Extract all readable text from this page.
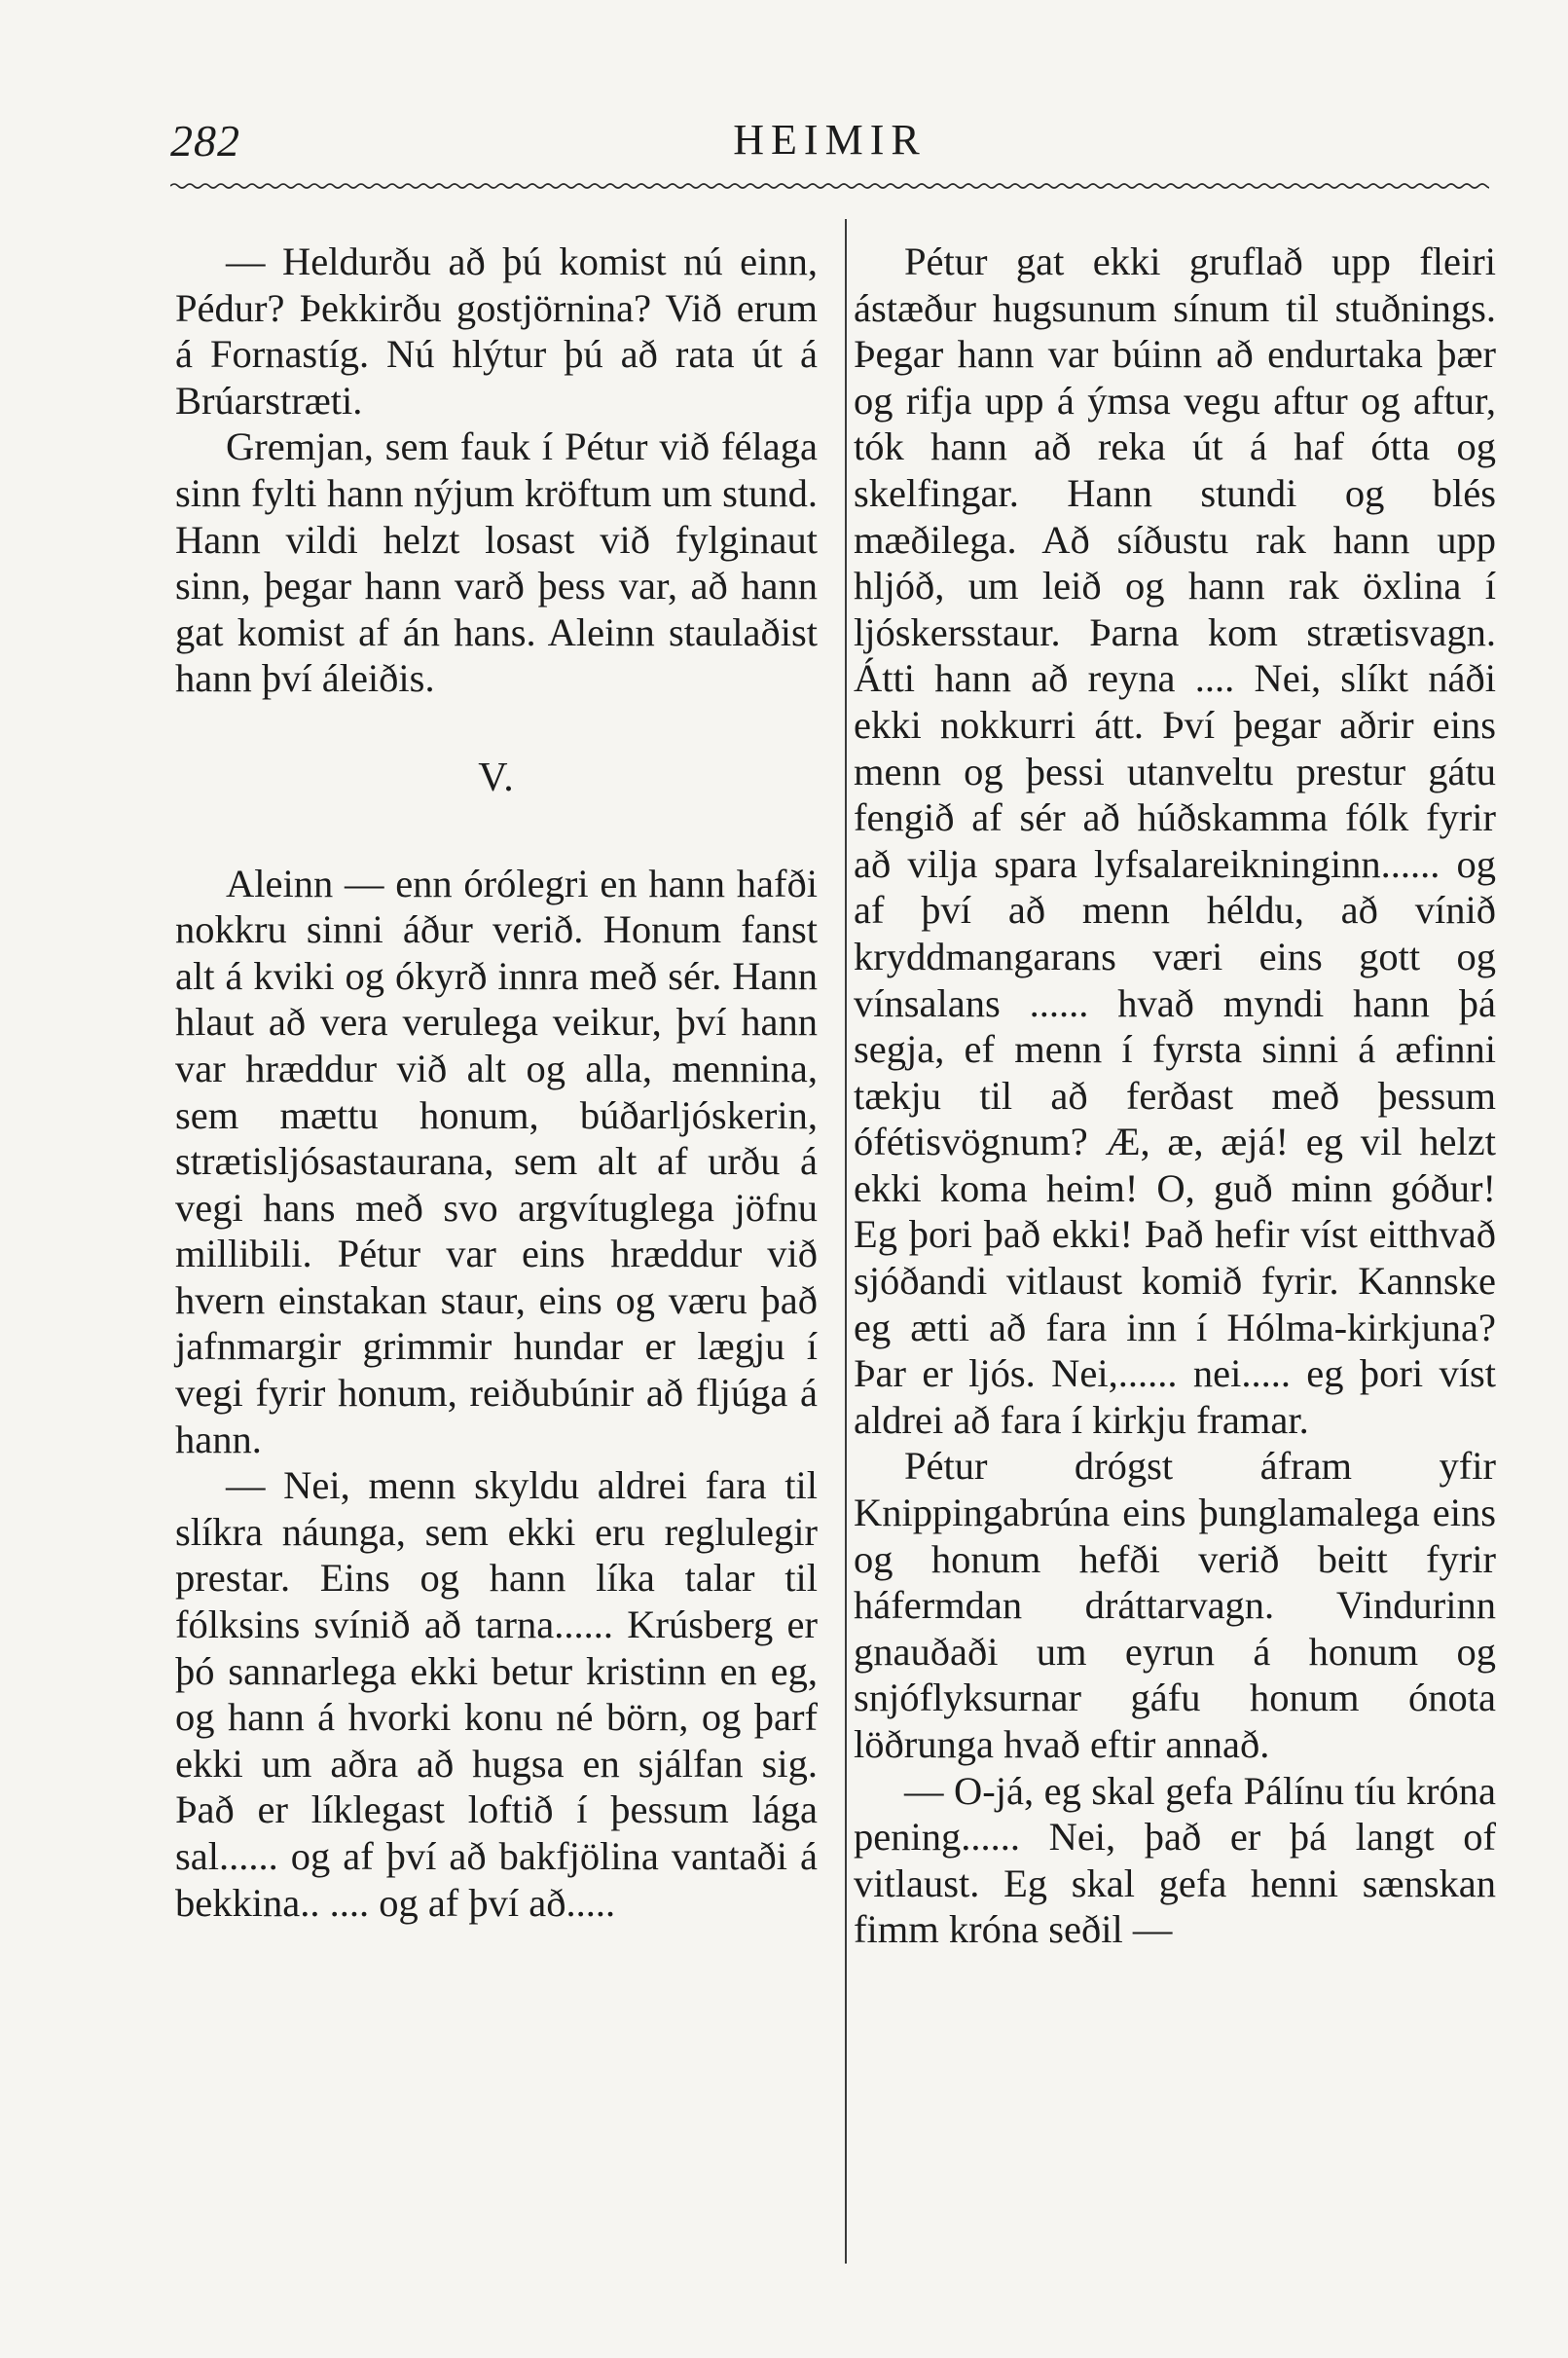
282	HEIMIR

— Heldurðu að þú komist nú einn, Pédur? Þekkirðu gostjörnina? Við erum á Fornastíg. Nú hlýtur þú að rata út á Brúarstræti.

Gremjan, sem fauk í Pétur við félaga sinn fylti hann nýjum kröftum um stund. Hann vildi helzt losast við fylginaut sinn, þegar hann varð þess var, að hann gat komist af án hans. Aleinn staulaðist hann því áleiðis.

V.

Aleinn — enn órólegri en hann hafði nokkru sinni áður verið. Honum fanst alt á kviki og ókyrð innra með sér. Hann hlaut að vera verulega veikur, því hann var hræddur við alt og alla, mennina, sem mættu honum, búðarljóskerin, strætisljósastaurana, sem alt af urðu á vegi hans með svo argvítuglega jöfnu millibili. Pétur var eins hræddur við hvern einstakan staur, eins og væru það jafnmargir grimmir hundar er lægju í vegi fyrir honum, reiðubúnir að fljúga á hann.

— Nei, menn skyldu aldrei fara til slíkra náunga, sem ekki eru reglulegir prestar. Eins og hann líka talar til fólksins svínið að tarna...... Krúsberg er þó sannarlega ekki betur kristinn en eg, og hann á hvorki konu né börn, og þarf ekki um aðra að hugsa en sjálfan sig. Það er líklegast loftið í þessum lága sal...... og af því að bakfjölina vantaði á bekkina.. .... og af því að.....

Pétur gat ekki gruflað upp fleiri ástæður hugsunum sínum til stuðnings. Þegar hann var búinn að endurtaka þær og rifja upp á ýmsa vegu aftur og aftur, tók hann að reka út á haf ótta og skelfingar. Hann stundi og blés mæðilega. Að síðustu rak hann upp hljóð, um leið og hann rak öxlina í ljóskersstaur. Þarna kom strætisvagn. Átti hann að reyna .... Nei, slíkt náði ekki nokkurri átt. Því þegar aðrir eins menn og þessi utanveltu prestur gátu fengið af sér að húðskamma fólk fyrir að vilja spara lyfsalareikninginn...... og af því að menn héldu, að vínið kryddmangarans væri eins gott og vínsalans ...... hvað myndi hann þá segja, ef menn í fyrsta sinni á æfinni tækju til að ferðast með þessum ófétisvögnum? Æ, æ, æjá! eg vil helzt ekki koma heim! O, guð minn góður! Eg þori það ekki! Það hefir víst eitthvað sjóðandi vitlaust komið fyrir. Kannske eg ætti að fara inn í Hólma-kirkjuna? Þar er ljós. Nei,...... nei..... eg þori víst aldrei að fara í kirkju framar.

Pétur drógst áfram yfir Knippingabrúna eins þunglamalega eins og honum hefði verið beitt fyrir háfermdan dráttarvagn. Vindurinn gnauðaði um eyrun á honum og snjóflyksurnar gáfu honum ónota löðrunga hvað eftir annað.

— O-já, eg skal gefa Pálínu tíu króna pening...... Nei, það er þá langt of vitlaust. Eg skal gefa henni sænskan fimm króna seðil —
